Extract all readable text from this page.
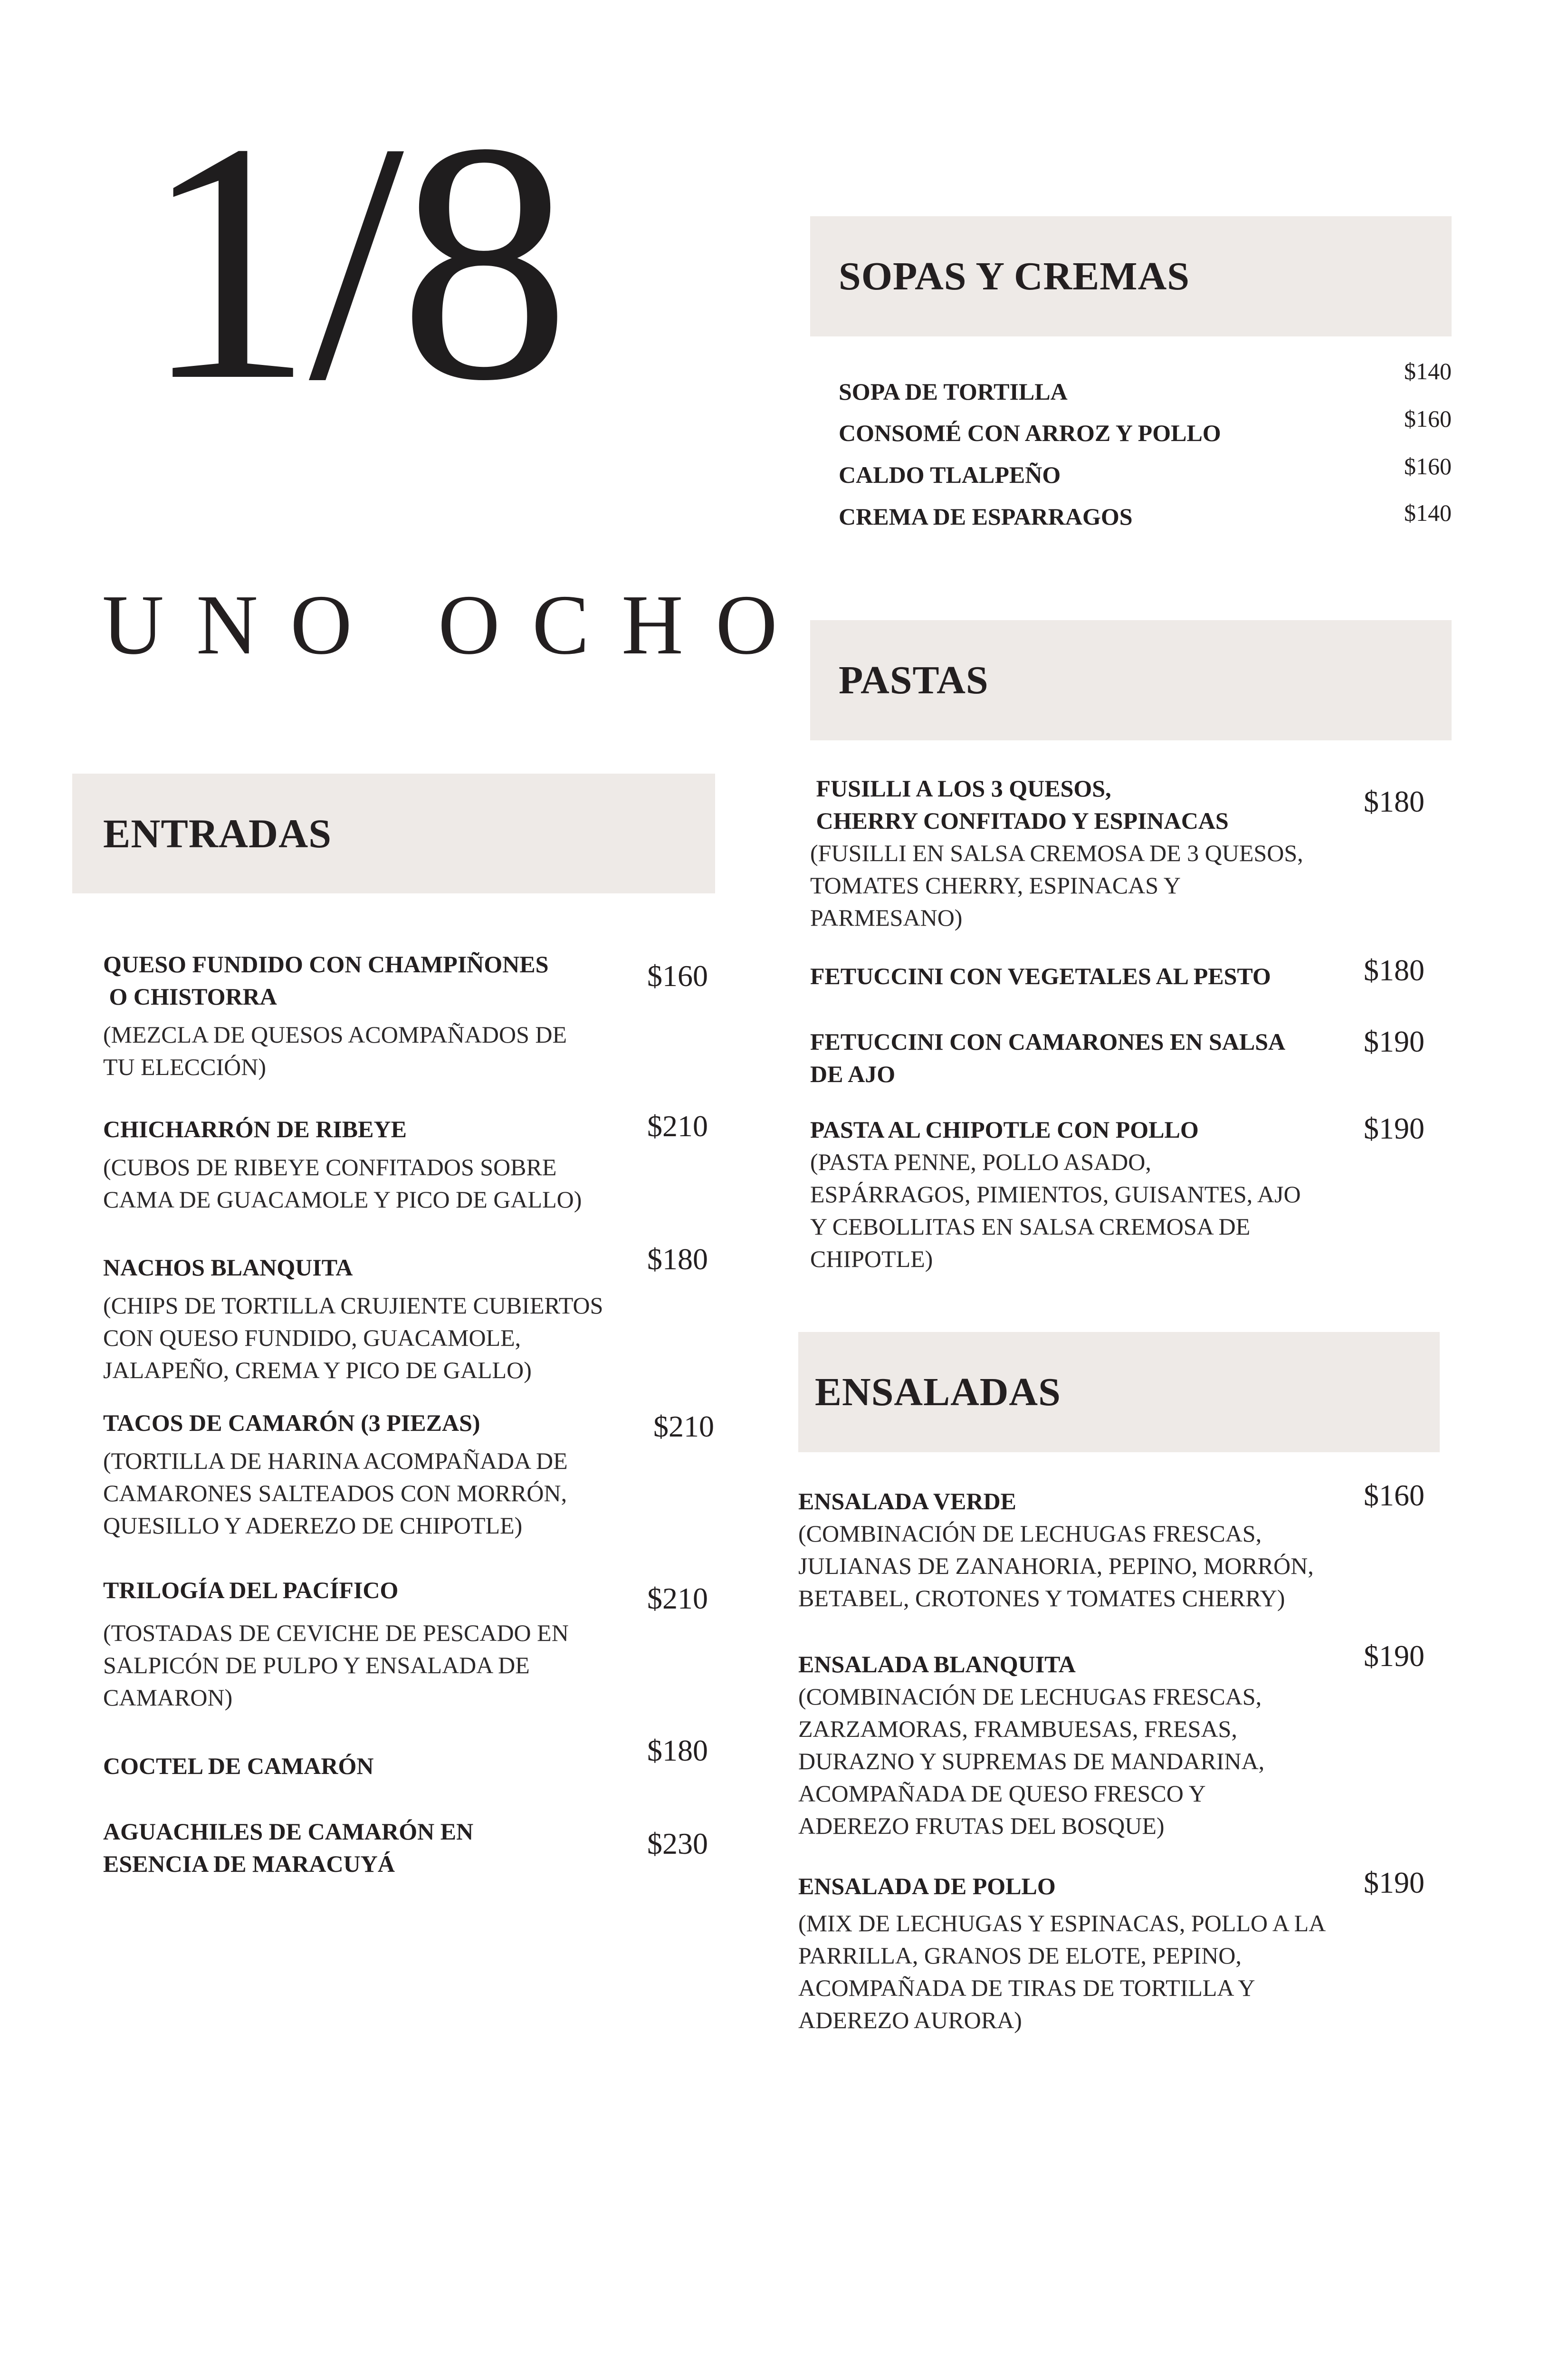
1/8
UNO OCHO
SOPAS Y CREMAS
SOPA DE TORTILLA
$140
CONSOMÉ CON ARROZ Y POLLO
$160
CALDO TLALPEÑO	$160
CREMA DE ESPARRAGOS	$140
PASTAS
FUSILLI A LOS 3 QUESOS,
CHERRY CONFITADO Y ESPINACAS
(FUSILLI EN SALSA CREMOSA DE 3 QUESOS,
TOMATES CHERRY, ESPINACAS Y
PARMESANO)
$180
FETUCCINI CON VEGETALES AL PESTO	$180
FETUCCINI CON CAMARONES EN SALSA
DE AJO
$190
PASTA AL CHIPOTLE CON POLLO
(PASTA PENNE, POLLO ASADO,
ESPÁRRAGOS, PIMIENTOS, GUISANTES, AJO
Y CEBOLLITAS EN SALSA CREMOSA DE
CHIPOTLE)
$190
ENTRADAS
QUESO FUNDIDO CON CHAMPIÑONES
O CHISTORRA
(MEZCLA DE QUESOS ACOMPAÑADOS DE
TU ELECCIÓN)
$160
CHICHARRÓN DE RIBEYE
(CUBOS DE RIBEYE CONFITADOS SOBRE
CAMA DE GUACAMOLE Y PICO DE GALLO)
$210
NACHOS BLANQUITA
(CHIPS DE TORTILLA CRUJIENTE CUBIERTOS
CON QUESO FUNDIDO, GUACAMOLE,
JALAPEÑO, CREMA Y PICO DE GALLO)
$180
TACOS DE CAMARÓN (3 PIEZAS)
(TORTILLA DE HARINA ACOMPAÑADA DE
CAMARONES SALTEADOS CON MORRÓN,
QUESILLO Y ADEREZO DE CHIPOTLE)
$210
TRILOGÍA DEL PACÍFICO
(TOSTADAS DE CEVICHE DE PESCADO EN
SALPICÓN DE PULPO Y ENSALADA DE
CAMARON)
$210
COCTEL DE CAMARÓN	$180
AGUACHILES DE CAMARÓN EN
ESENCIA DE MARACUYÁ
$230
ENSALADAS
ENSALADA VERDE
(COMBINACIÓN DE LECHUGAS FRESCAS,
JULIANAS DE ZANAHORIA, PEPINO, MORRÓN,
BETABEL, CROTONES Y TOMATES CHERRY)
$160
ENSALADA BLANQUITA
(COMBINACIÓN DE LECHUGAS FRESCAS,
ZARZAMORAS, FRAMBUESAS, FRESAS,
DURAZNO Y SUPREMAS DE MANDARINA,
ACOMPAÑADA DE QUESO FRESCO Y
ADEREZO FRUTAS DEL BOSQUE)
$190
ENSALADA DE POLLO
(MIX DE LECHUGAS Y ESPINACAS, POLLO A LA
PARRILLA, GRANOS DE ELOTE, PEPINO,
ACOMPAÑADA DE TIRAS DE TORTILLA Y
ADEREZO AURORA)
$190
